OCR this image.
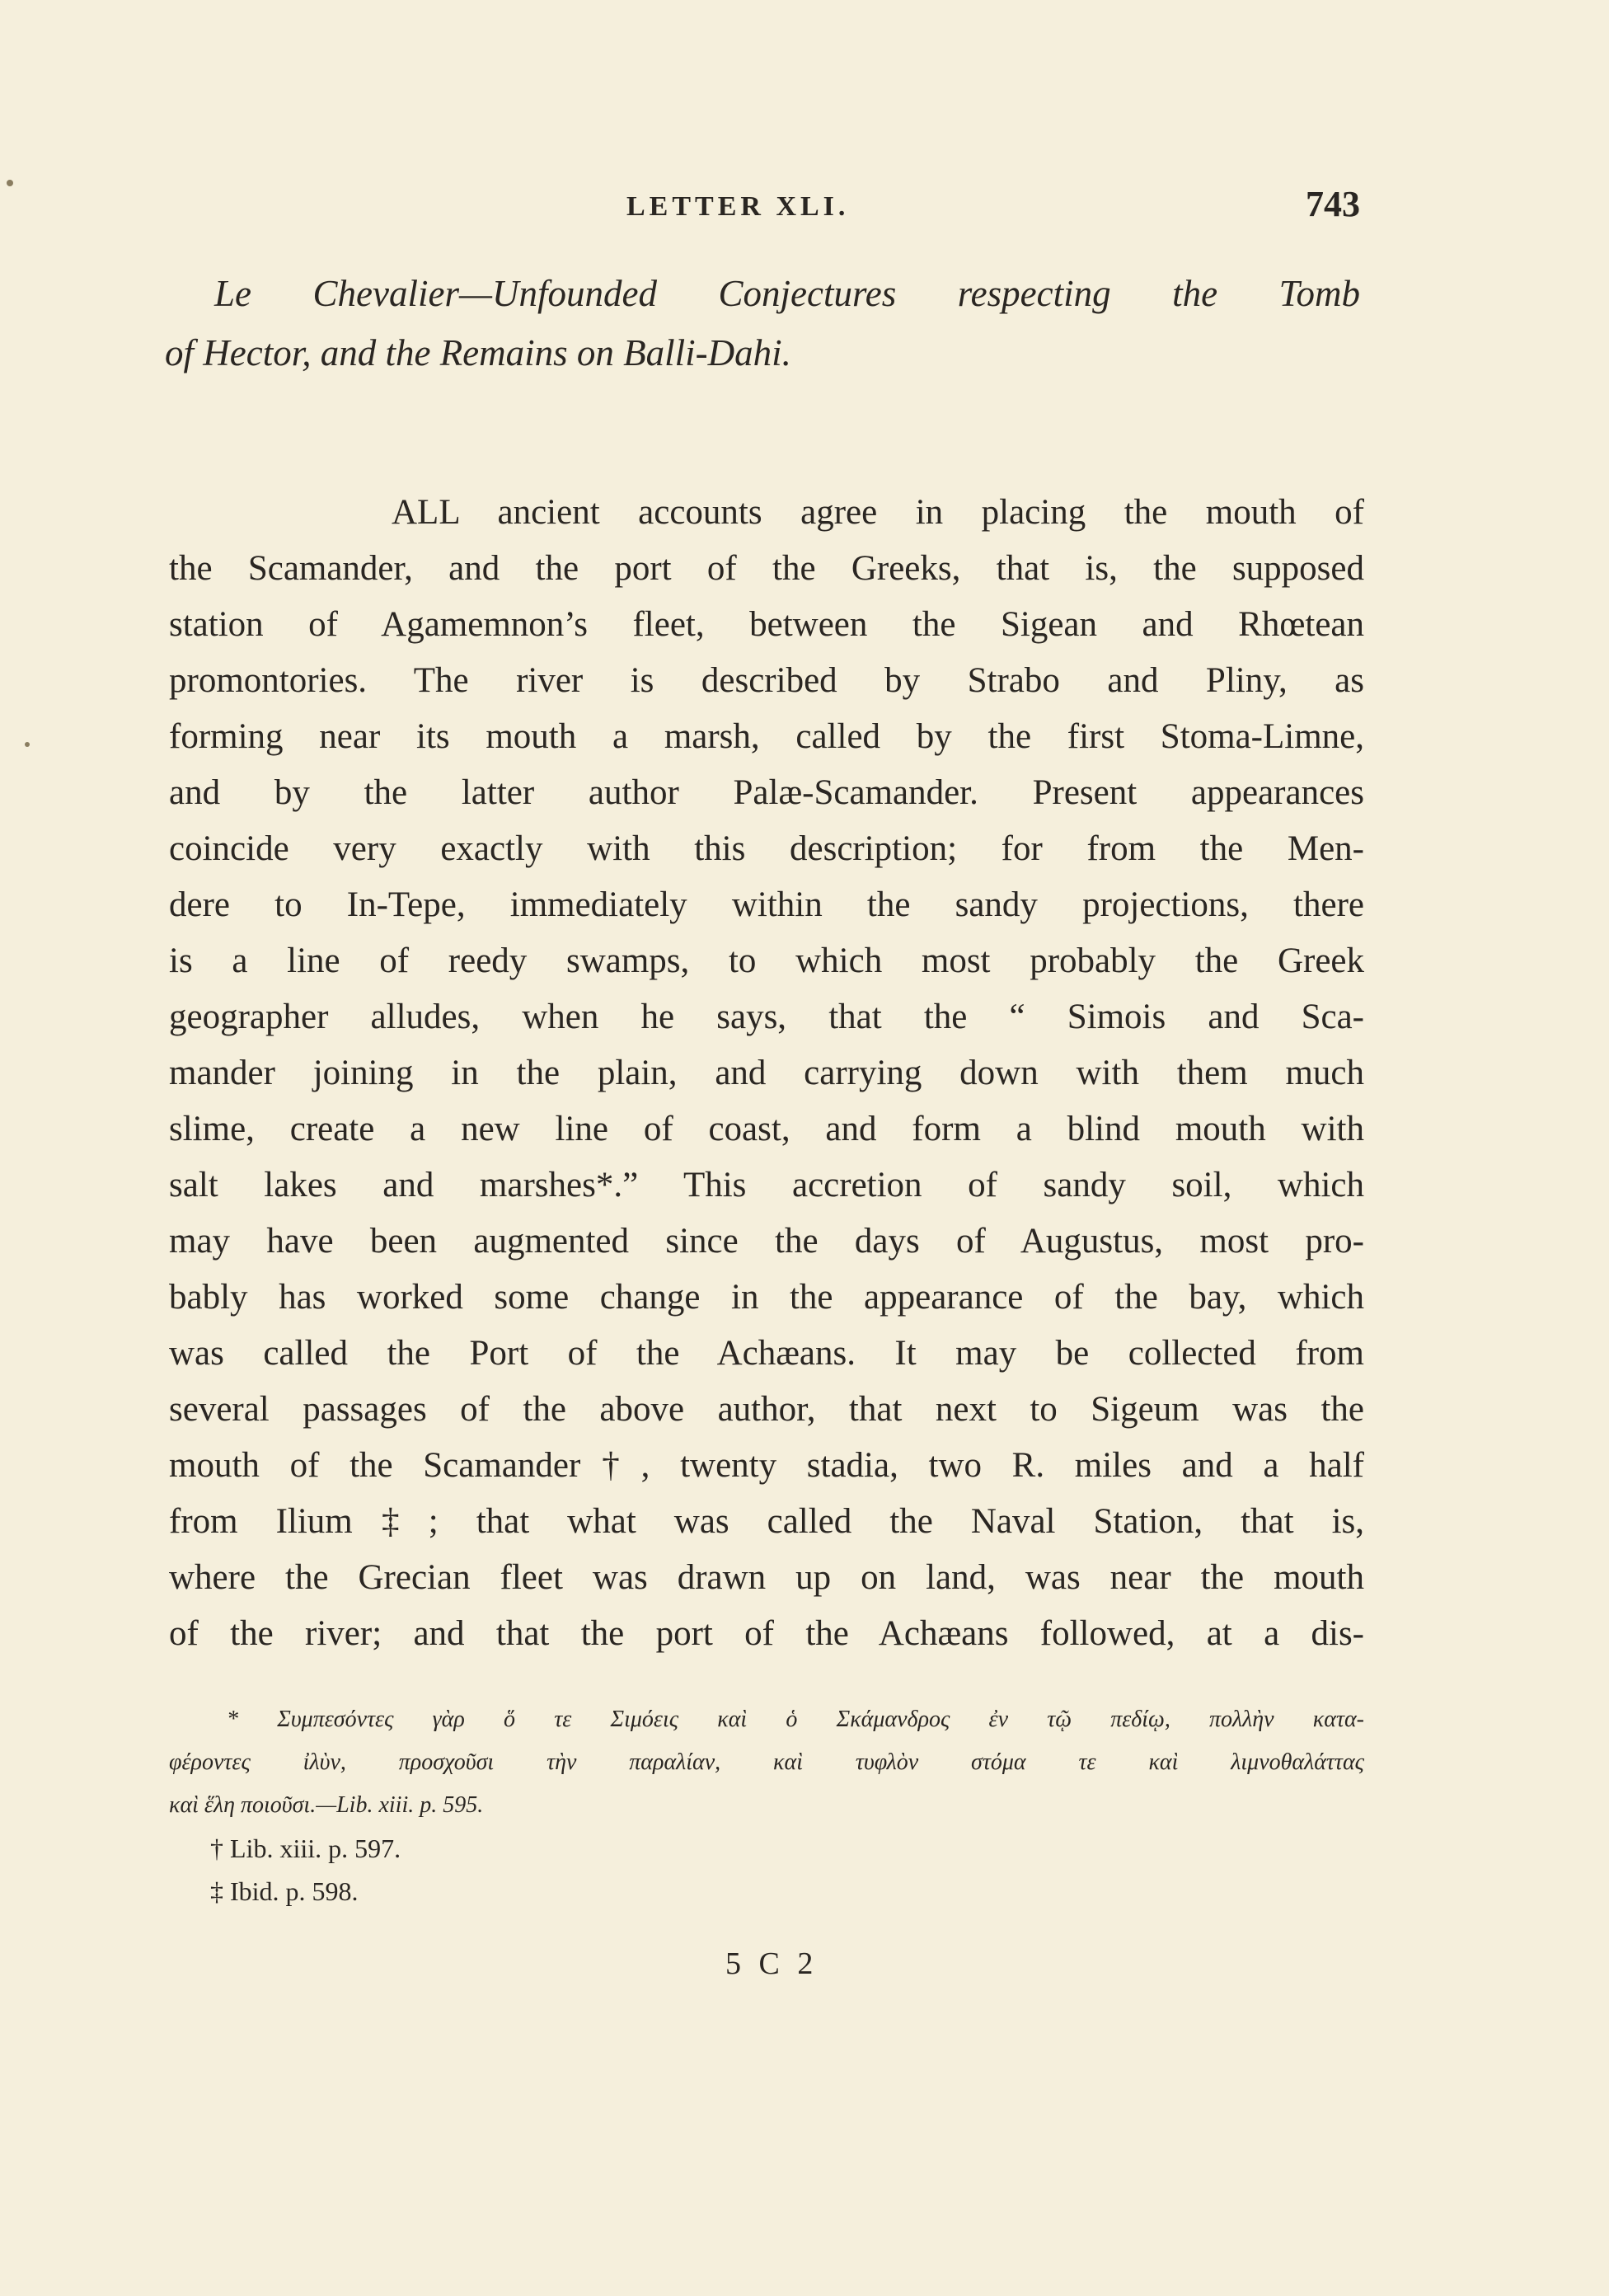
LETTER XLI.	743
Le Chevalier—Unfounded Conjectures respecting the Tomb
of Hector, and the Remains on Balli-Dahi.
ALL ancient accounts agree in placing the mouth of
the Scamander, and the port of the Greeks, that is, the supposed
station of Agamemnon’s fleet, between the Sigean and Rhœtean
promontories. The river is described by Strabo and Pliny, as
forming near its mouth a marsh, called by the first Stoma-Limne,
and by the latter author Palæ-Scamander. Present appearances
coincide very exactly with this description; for from the Men-
dere to In-Tepe, immediately within the sandy projections, there
is a line of reedy swamps, to which most probably the Greek
geographer alludes, when he says, that the “ Simois and Sca-
mander joining in the plain, and carrying down with them much
slime, create a new line of coast, and form a blind mouth with
salt lakes and marshes*.” This accretion of sandy soil, which
may have been augmented since the days of Augustus, most pro-
bably has worked some change in the appearance of the bay, which
was called the Port of the Achæans. It may be collected from
several passages of the above author, that next to Sigeum was the
mouth of the Scamander†, twenty stadia, two R. miles and a half
from Ilium‡; that what was called the Naval Station, that is,
where the Grecian fleet was drawn up on land, was near the mouth
of the river; and that the port of the Achæans followed, at a dis-
* Συμπεσόντες γὰρ ὅ τε Σιμόεις καὶ ὁ Σκάμανδρος ἐν τῷ πεδίῳ, πολλὴν κατα-
φέροντες ἰλὺν, προσχοῦσι τὴν παραλίαν, καὶ τυφλὸν στόμα τε καὶ λιμνοθαλάττας
καὶ ἕλη ποιοῦσι.—Lib. xiii. p. 595.
† Lib. xiii. p. 597.
‡ Ibid. p. 598.
5 C 2
